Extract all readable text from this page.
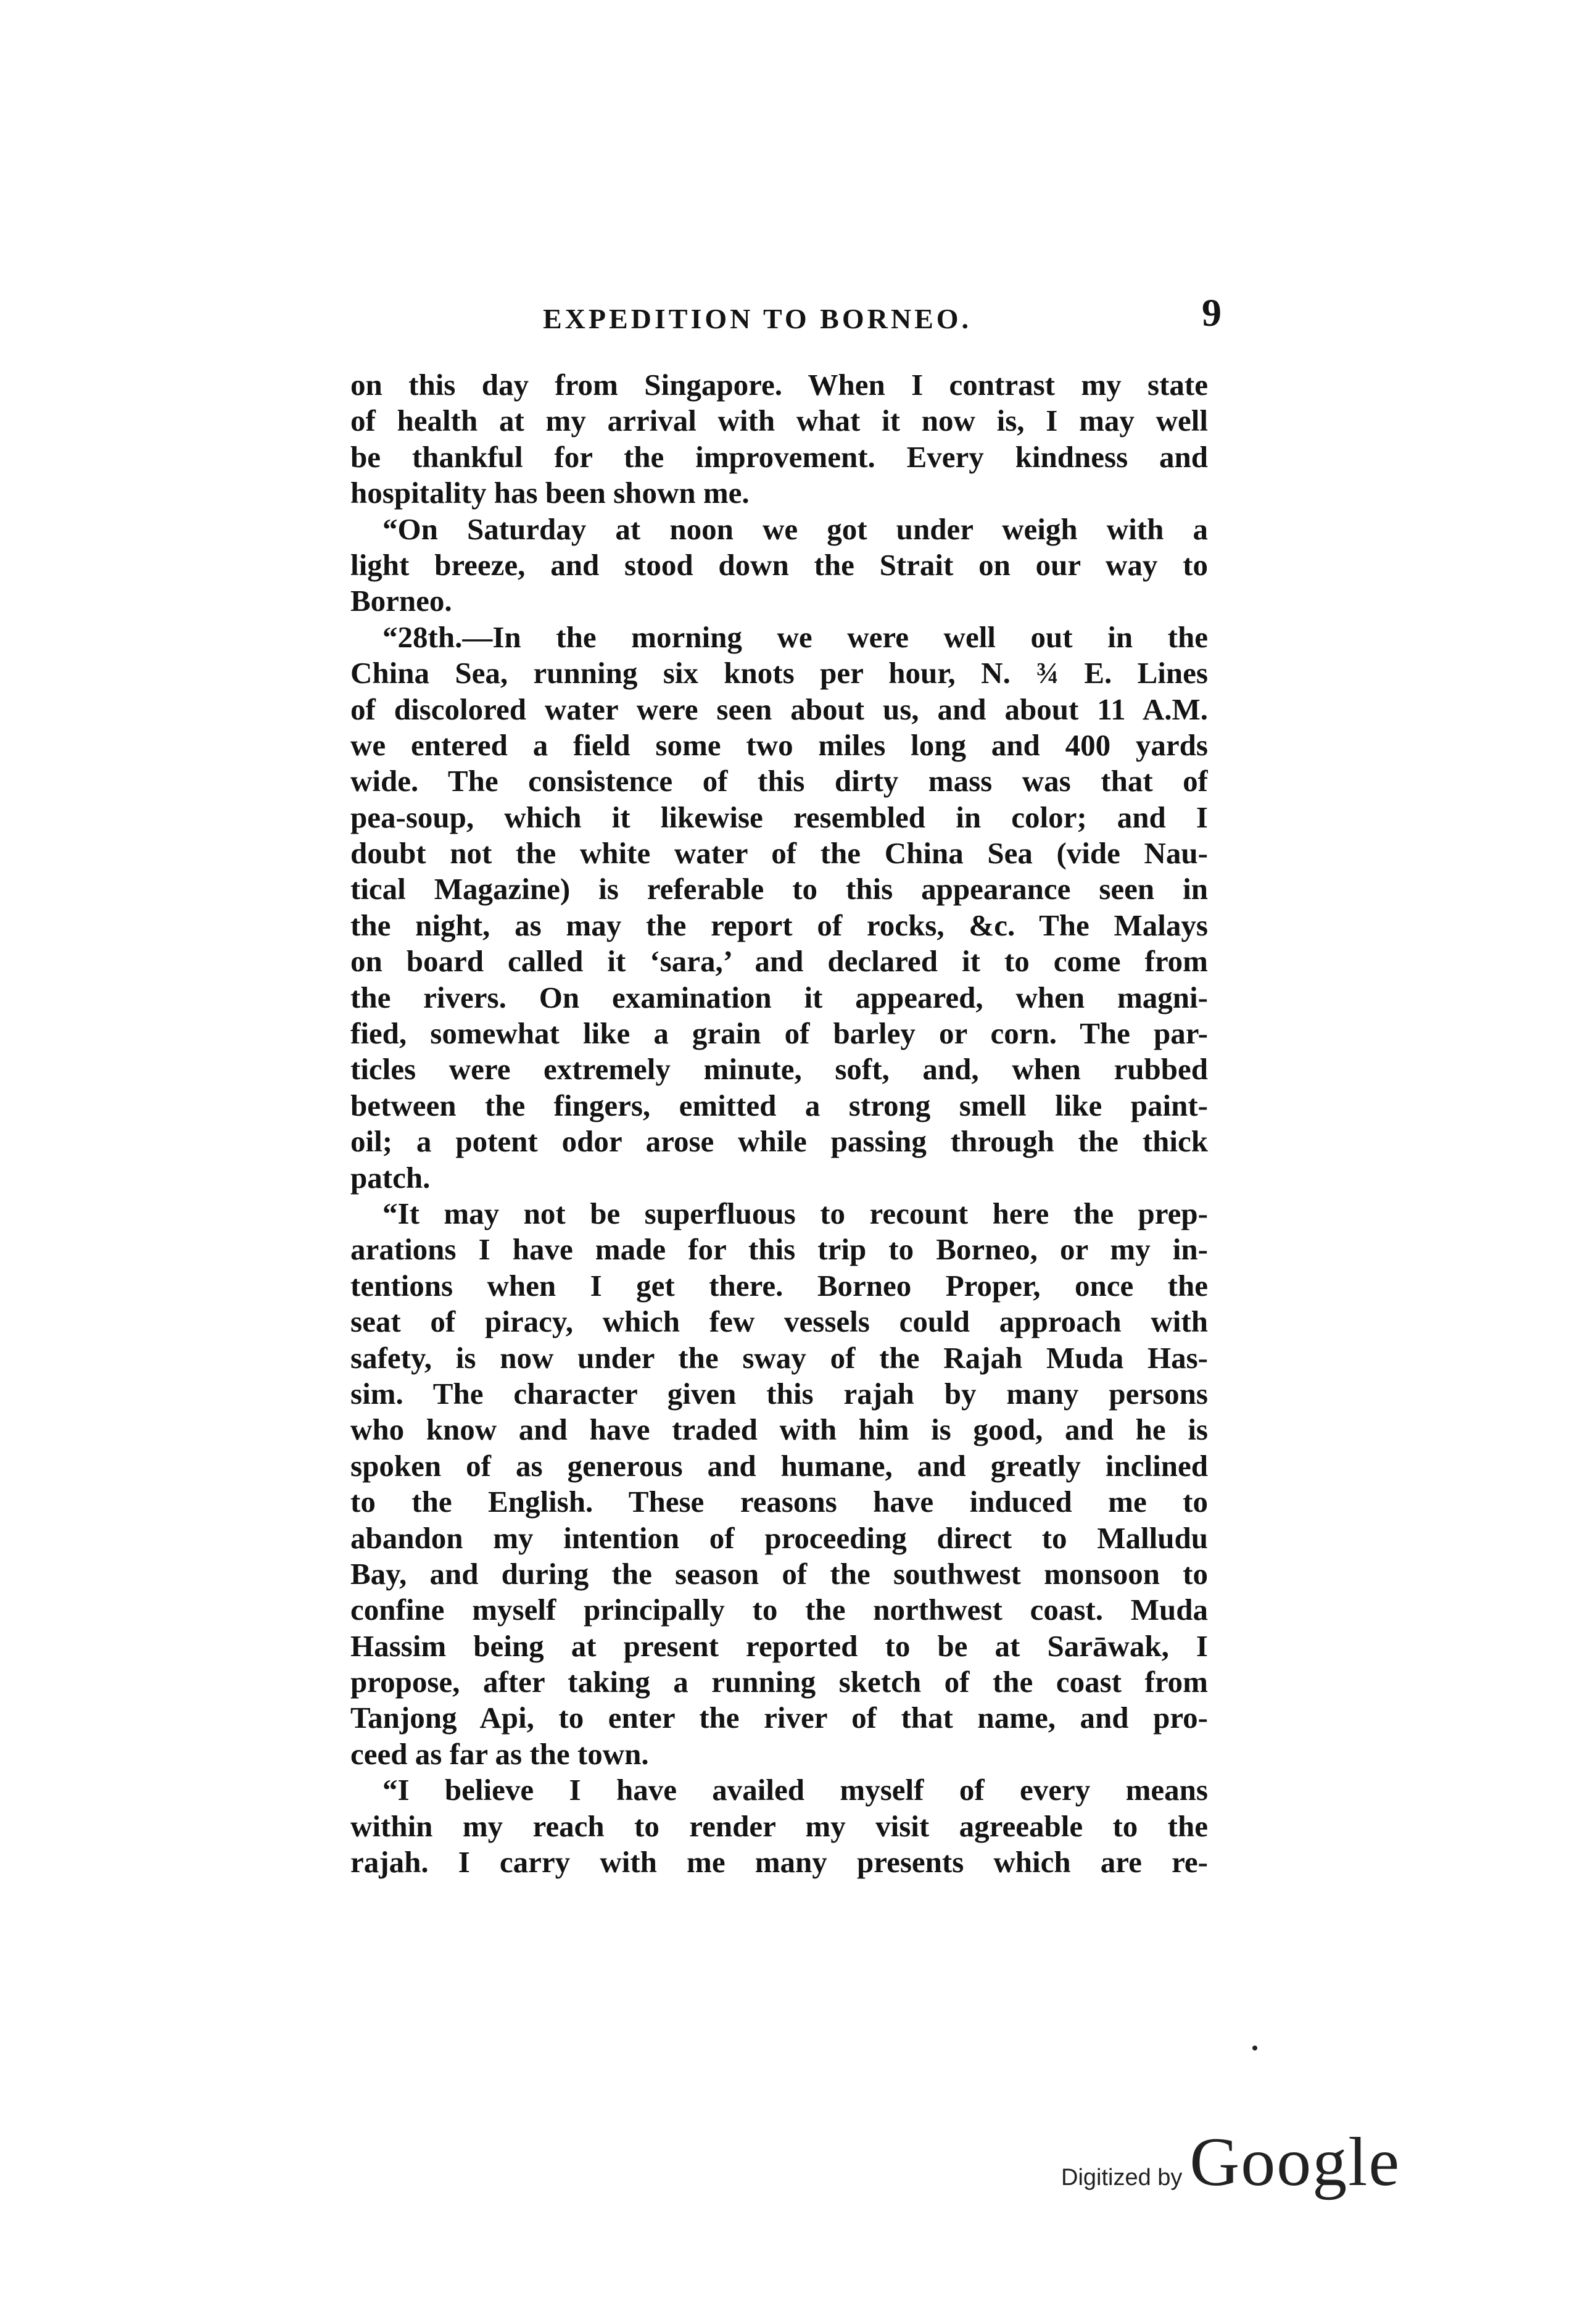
EXPEDITION TO BORNEO.	9
on this day from Singapore. When I contrast my state
of health at my arrival with what it now is, I may well
be thankful for the improvement. Every kindness and
hospitality has been shown me.
“On Saturday at noon we got under weigh with a
light breeze, and stood down the Strait on our way to
Borneo.
“28th.—In the morning we were well out in the
China Sea, running six knots per hour, N. ¾ E. Lines
of discolored water were seen about us, and about 11 A.M.
we entered a field some two miles long and 400 yards
wide. The consistence of this dirty mass was that of
pea-soup, which it likewise resembled in color; and I
doubt not the white water of the China Sea (vide Nau-
tical Magazine) is referable to this appearance seen in
the night, as may the report of rocks, &c. The Malays
on board called it ‘sara,’ and declared it to come from
the rivers. On examination it appeared, when magni-
fied, somewhat like a grain of barley or corn. The par-
ticles were extremely minute, soft, and, when rubbed
between the fingers, emitted a strong smell like paint-
oil; a potent odor arose while passing through the thick
patch.
“It may not be superfluous to recount here the prep-
arations I have made for this trip to Borneo, or my in-
tentions when I get there. Borneo Proper, once the
seat of piracy, which few vessels could approach with
safety, is now under the sway of the Rajah Muda Has-
sim. The character given this rajah by many persons
who know and have traded with him is good, and he is
spoken of as generous and humane, and greatly inclined
to the English. These reasons have induced me to
abandon my intention of proceeding direct to Malludu
Bay, and during the season of the southwest monsoon to
confine myself principally to the northwest coast. Muda
Hassim being at present reported to be at Sarāwak, I
propose, after taking a running sketch of the coast from
Tanjong Api, to enter the river of that name, and pro-
ceed as far as the town.
“I believe I have availed myself of every means
within my reach to render my visit agreeable to the
rajah. I carry with me many presents which are re-
Digitized by Google
